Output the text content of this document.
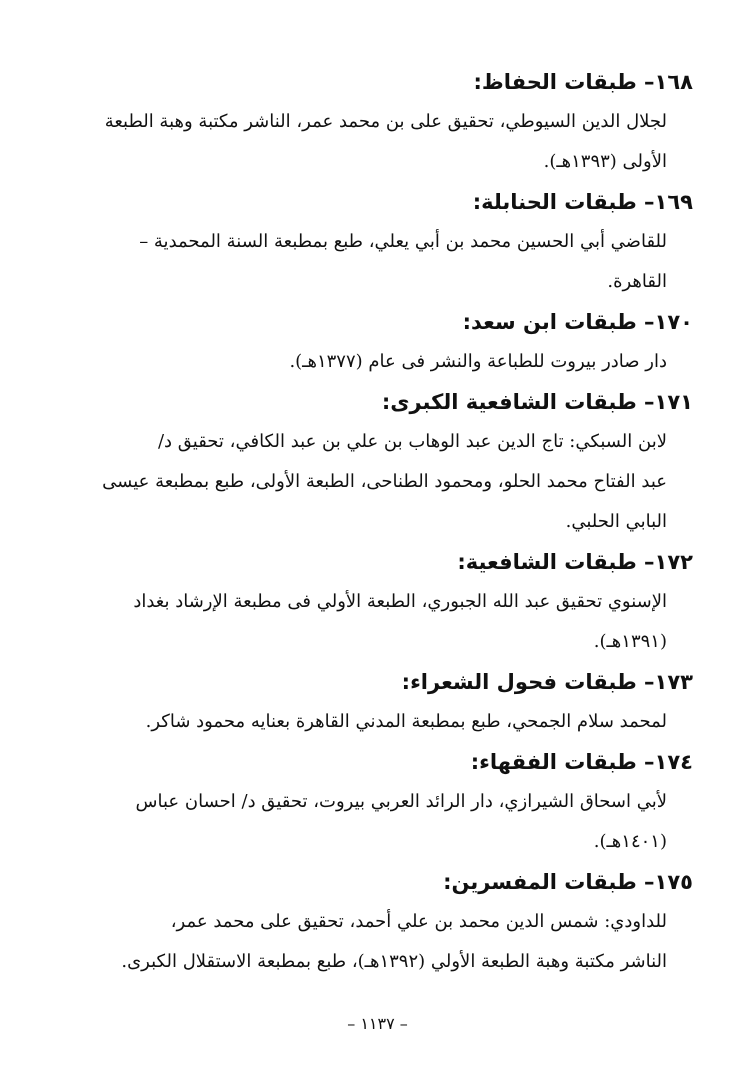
١٦٨– طبقات الحفاظ:

لجلال الدين السيوطي، تحقيق على بن محمد عمر، الناشر مكتبة وهبة الطبعة
الأولى (١٣٩٣هـ).

١٦٩– طبقات الحنابلة:

للقاضي أبي الحسين محمد بن أبي يعلي، طبع بمطبعة السنة المحمدية –
القاهرة.

١٧٠– طبقات ابن سعد:

دار صادر بيروت للطباعة والنشر فى عام (١٣٧٧هـ).

١٧١– طبقات الشافعية الكبرى:

لابن السبكي: تاج الدين عبد الوهاب بن علي بن عبد الكافي، تحقيق د/
عبد الفتاح محمد الحلو، ومحمود الطناحى، الطبعة الأولى، طبع بمطبعة عيسى
البابي الحلبي.

١٧٢– طبقات الشافعية:

الإسنوي تحقيق عبد الله الجبوري، الطبعة الأولي فى مطبعة الإرشاد بغداد
(١٣٩١هـ).

١٧٣– طبقات فحول الشعراء:

لمحمد سلام الجمحي، طبع بمطبعة المدني القاهرة بعنايه محمود شاكر.

١٧٤– طبقات الفقهاء:

لأبي اسحاق الشيرازي، دار الرائد العربي بيروت، تحقيق د/ احسان عباس
(١٤٠١هـ).

١٧٥– طبقات المفسرين:

للداودي: شمس الدين محمد بن علي أحمد، تحقيق على محمد عمر،
الناشر مكتبة وهبة الطبعة الأولي (١٣٩٢هـ)، طبع بمطبعة الاستقلال الكبرى.

– ١١٣٧ –
